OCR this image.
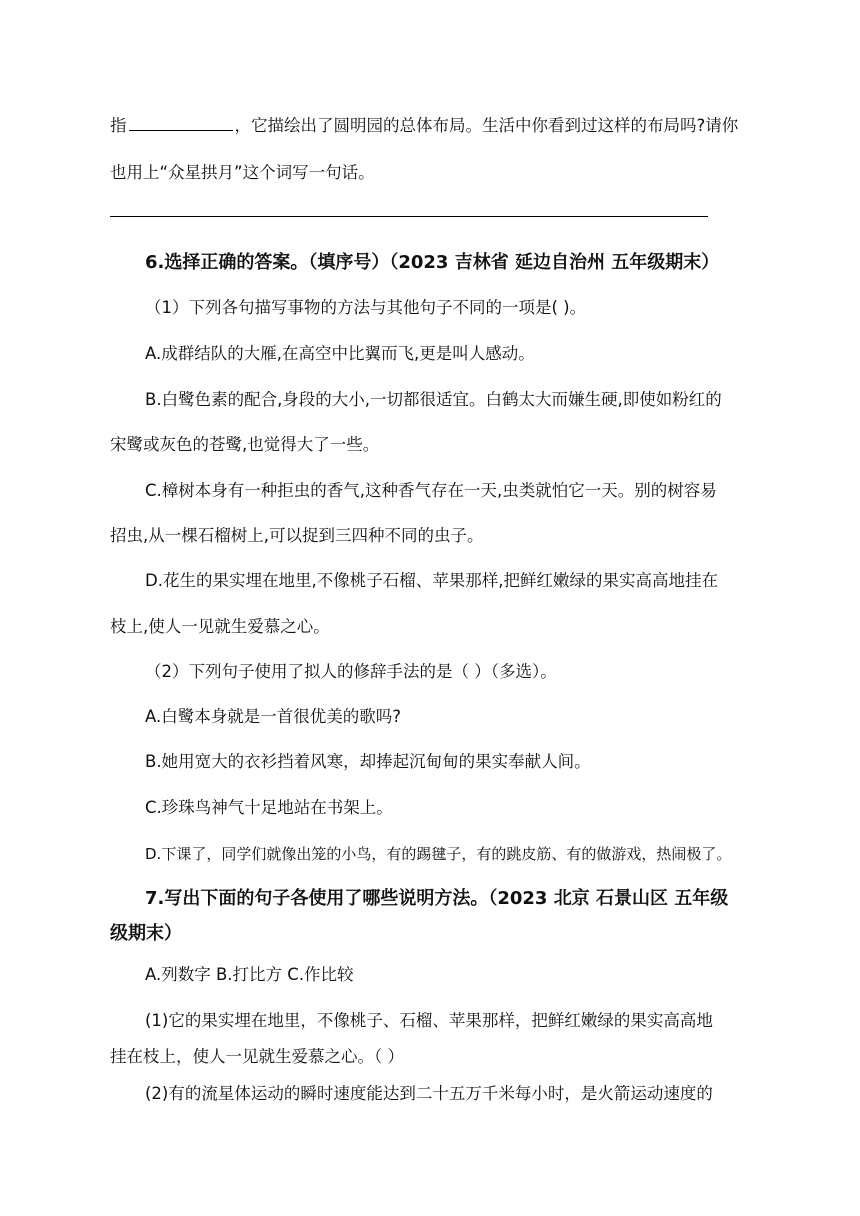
指	，它描绘出了圆明园的总体布局。生活中你看到过这样的布局吗?请你
也用上“众星拱月”这个词写一句话。
6.选择正确的答案。（填序号）（2023 吉林省 延边自治州 五年级期末）
（1）下列各句描写事物的方法与其他句子不同的一项是( )。
A.成群结队的大雁,在高空中比翼而飞,更是叫人感动。
B.白鹭色素的配合,身段的大小,一切都很适宜。白鹤太大而嫌生硬,即使如粉红的
宋鹭或灰色的苍鹭,也觉得大了一些。
C.樟树本身有一种拒虫的香气,这种香气存在一天,虫类就怕它一天。别的树容易
招虫,从一棵石榴树上,可以捉到三四种不同的虫子。
D.花生的果实埋在地里,不像桃子石榴、苹果那样,把鲜红嫩绿的果实高高地挂在
枝上,使人一见就生爱慕之心。
（2）下列句子使用了拟人的修辞手法的是（ ）（多选）。
A.白鹭本身就是一首很优美的歌吗?
B.她用宽大的衣衫挡着风寒，却捧起沉甸甸的果实奉献人间。
C.珍珠鸟神气十足地站在书架上。
D.下课了，同学们就像出笼的小鸟，有的踢毽子，有的跳皮筋、有的做游戏，热闹极了。
7.写出下面的句子各使用了哪些说明方法。（2023 北京 石景山区 五年级
级期末）
A.列数字 B.打比方 C.作比较
(1)它的果实埋在地里，不像桃子、石榴、苹果那样，把鲜红嫩绿的果实高高地
挂在枝上，使人一见就生爱慕之心。（ ）
(2)有的流星体运动的瞬时速度能达到二十五万千米每小时，是火箭运动速度的
